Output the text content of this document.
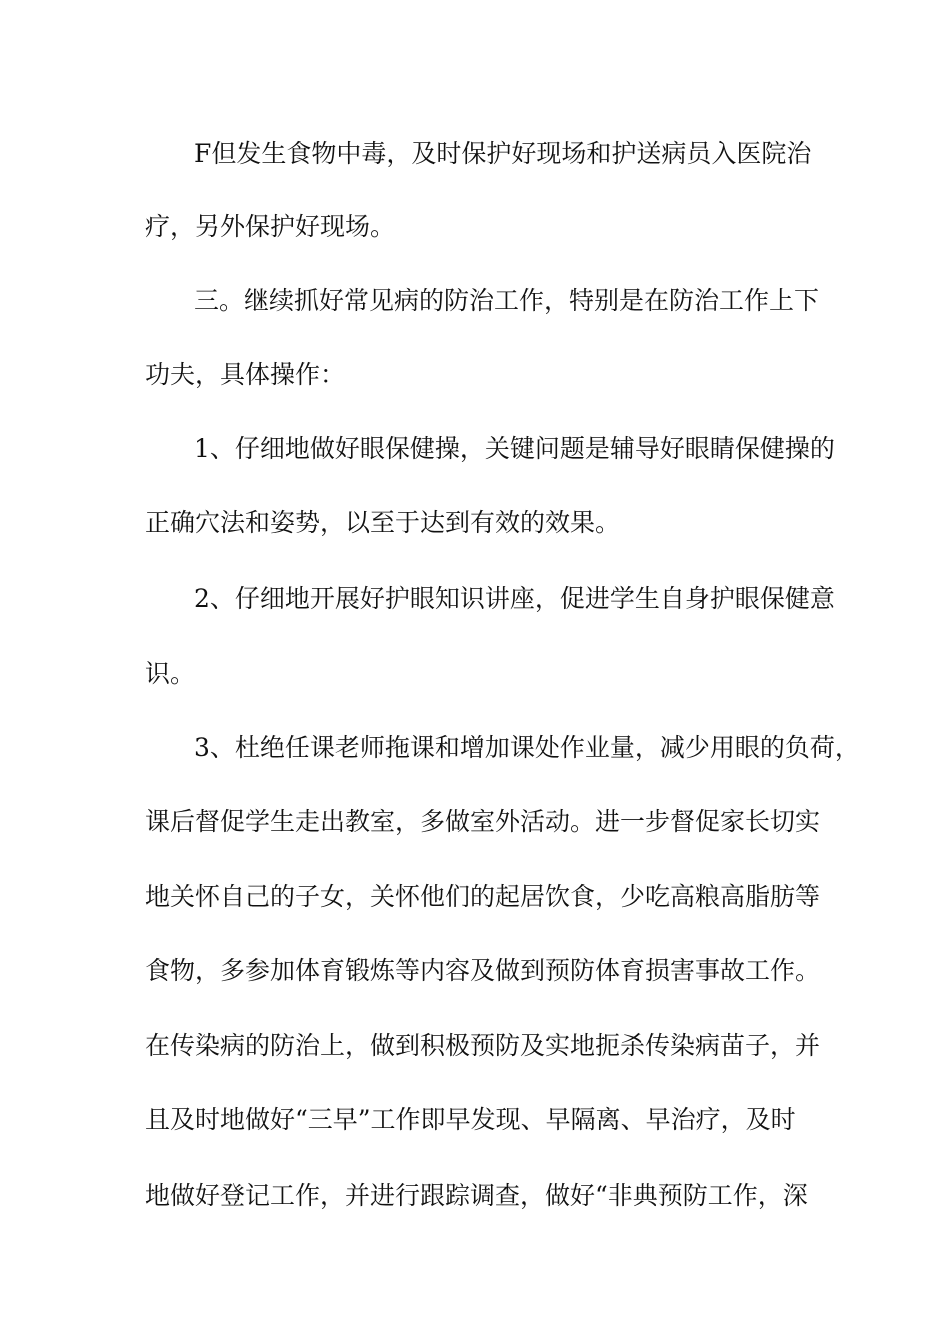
F但发生食物中毒，及时保护好现场和护送病员入医院治

疗，另外保护好现场。

三。继续抓好常见病的防治工作，特别是在防治工作上下

功夫，具体操作：

1、仔细地做好眼保健操，关键问题是辅导好眼睛保健操的

正确穴法和姿势，以至于达到有效的效果。

2、仔细地开展好护眼知识讲座，促进学生自身护眼保健意

识。

3、杜绝任课老师拖课和增加课处作业量，减少用眼的负荷，

课后督促学生走出教室，多做室外活动。进一步督促家长切实

地关怀自己的子女，关怀他们的起居饮食，少吃高粮高脂肪等

食物，多参加体育锻炼等内容及做到预防体育损害事故工作。

在传染病的防治上，做到积极预防及实地扼杀传染病苗子，并

且及时地做好“三早”工作即早发现、早隔离、早治疗，及时

地做好登记工作，并进行跟踪调查，做好“非典预防工作，深
